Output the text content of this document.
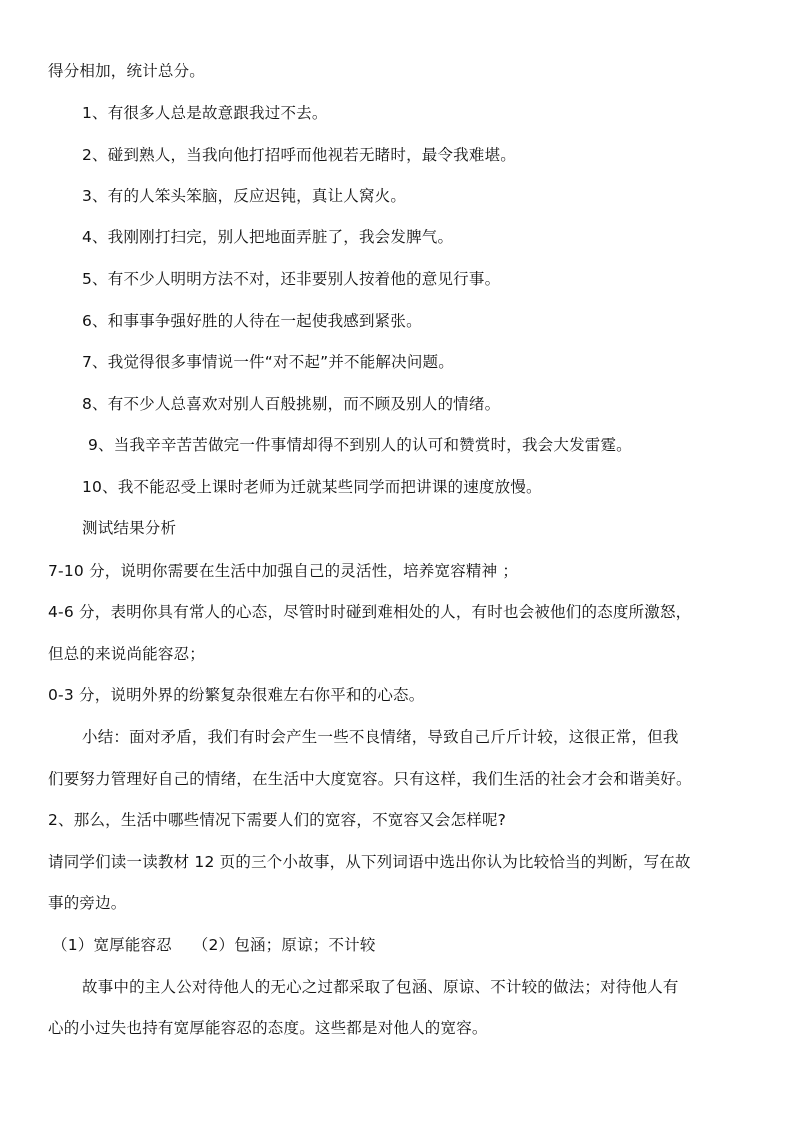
得分相加，统计总分。
1、有很多人总是故意跟我过不去。
2、碰到熟人，当我向他打招呼而他视若无睹时，最令我难堪。
3、有的人笨头笨脑，反应迟钝，真让人窝火。
4、我刚刚打扫完，别人把地面弄脏了，我会发脾气。
5、有不少人明明方法不对，还非要别人按着他的意见行事。
6、和事事争强好胜的人待在一起使我感到紧张。
7、我觉得很多事情说一件“对不起”并不能解决问题。
8、有不少人总喜欢对别人百般挑剔，而不顾及别人的情绪。
9、当我辛辛苦苦做完一件事情却得不到别人的认可和赞赏时，我会大发雷霆。
10、我不能忍受上课时老师为迁就某些同学而把讲课的速度放慢。
测试结果分析
7-10 分，说明你需要在生活中加强自己的灵活性，培养宽容精神 ；
4-6 分，表明你具有常人的心态，尽管时时碰到难相处的人，有时也会被他们的态度所激怒，
但总的来说尚能容忍；
0-3 分，说明外界的纷繁复杂很难左右你平和的心态。
小结：面对矛盾，我们有时会产生一些不良情绪，导致自己斤斤计较，这很正常，但我
们要努力管理好自己的情绪，在生活中大度宽容。只有这样，我们生活的社会才会和谐美好。
2、那么，生活中哪些情况下需要人们的宽容，不宽容又会怎样呢?
请同学们读一读教材 12 页的三个小故事，从下列词语中选出你认为比较恰当的判断，写在故
事的旁边。
（1）宽厚能容忍　 （2）包涵；原谅；不计较
故事中的主人公对待他人的无心之过都采取了包涵、原谅、不计较的做法；对待他人有
心的小过失也持有宽厚能容忍的态度。这些都是对他人的宽容。
